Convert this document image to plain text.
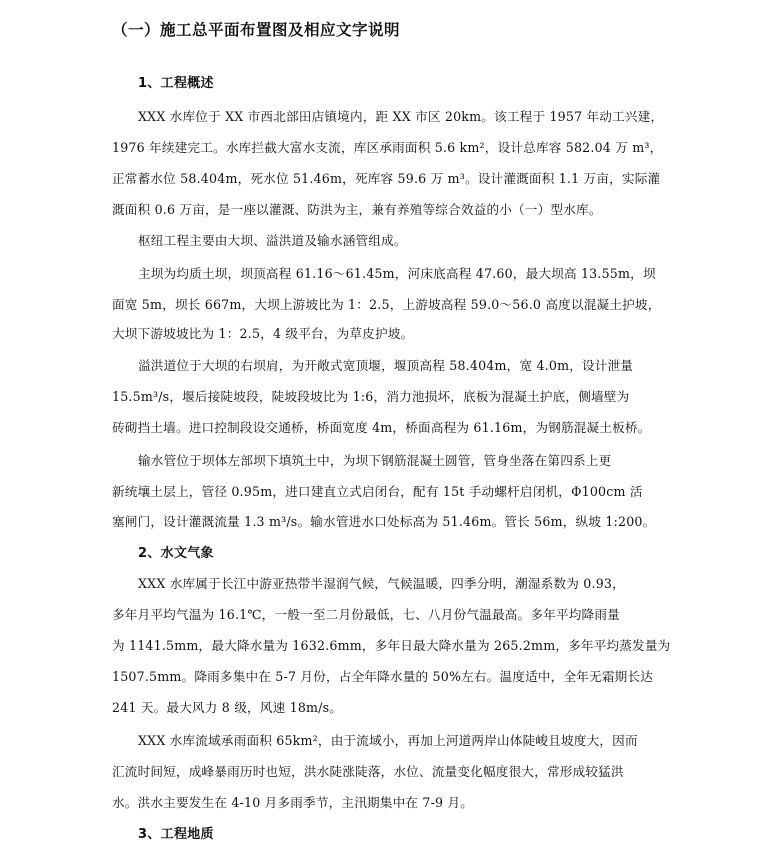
（一）施工总平面布置图及相应文字说明
1、工程概述
XXX 水库位于 XX 市西北部田店镇境内，距 XX 市区 20km。该工程于 1957 年动工兴建，
1976 年续建完工。水库拦截大富水支流，库区承雨面积 5.6 km²，设计总库容 582.04 万 m³，
正常蓄水位 58.404m，死水位 51.46m，死库容 59.6 万 m³。设计灌溉面积 1.1 万亩，实际灌
溉面积 0.6 万亩，是一座以灌溉、防洪为主，兼有养殖等综合效益的小（一）型水库。
枢纽工程主要由大坝、溢洪道及输水涵管组成。
主坝为均质土坝，坝顶高程 61.16～61.45m，河床底高程 47.60，最大坝高 13.55m，坝
面宽 5m，坝长 667m，大坝上游坡比为 1：2.5，上游坡高程 59.0～56.0 高度以混凝土护坡，
大坝下游坡坡比为 1：2.5，4 级平台，为草皮护坡。
溢洪道位于大坝的右坝肩，为开敞式宽顶堰，堰顶高程 58.404m，宽 4.0m，设计泄量
15.5m³/s，堰后接陡坡段，陡坡段坡比为 1:6，消力池损坏，底板为混凝土护底，侧墙壁为
砖砌挡土墙。进口控制段设交通桥，桥面宽度 4m，桥面高程为 61.16m，为钢筋混凝土板桥。
输水管位于坝体左部坝下填筑土中，为坝下钢筋混凝土圆管，管身坐落在第四系上更
新统壤土层上，管径 0.95m，进口建直立式启闭台，配有 15t 手动螺杆启闭机，Φ100cm 活
塞闸门，设计灌溉流量 1.3 m³/s。输水管进水口处标高为 51.46m。管长 56m，纵坡 1:200。
2、水文气象
XXX 水库属于长江中游亚热带半湿润气候，气候温暖，四季分明，潮湿系数为 0.93，
多年月平均气温为 16.1℃，一般一至二月份最低，七、八月份气温最高。多年平均降雨量
为 1141.5mm，最大降水量为 1632.6mm，多年日最大降水量为 265.2mm，多年平均蒸发量为
1507.5mm。降雨多集中在 5-7 月份，占全年降水量的 50%左右。温度适中，全年无霜期长达
241 天。最大风力 8 级，风速 18m/s。
XXX 水库流域承雨面积 65km²，由于流域小，再加上河道两岸山体陡峻且坡度大，因而
汇流时间短，成峰暴雨历时也短，洪水陡涨陡落，水位、流量变化幅度很大，常形成较猛洪
水。洪水主要发生在 4-10 月多雨季节，主汛期集中在 7-9 月。
3、工程地质
